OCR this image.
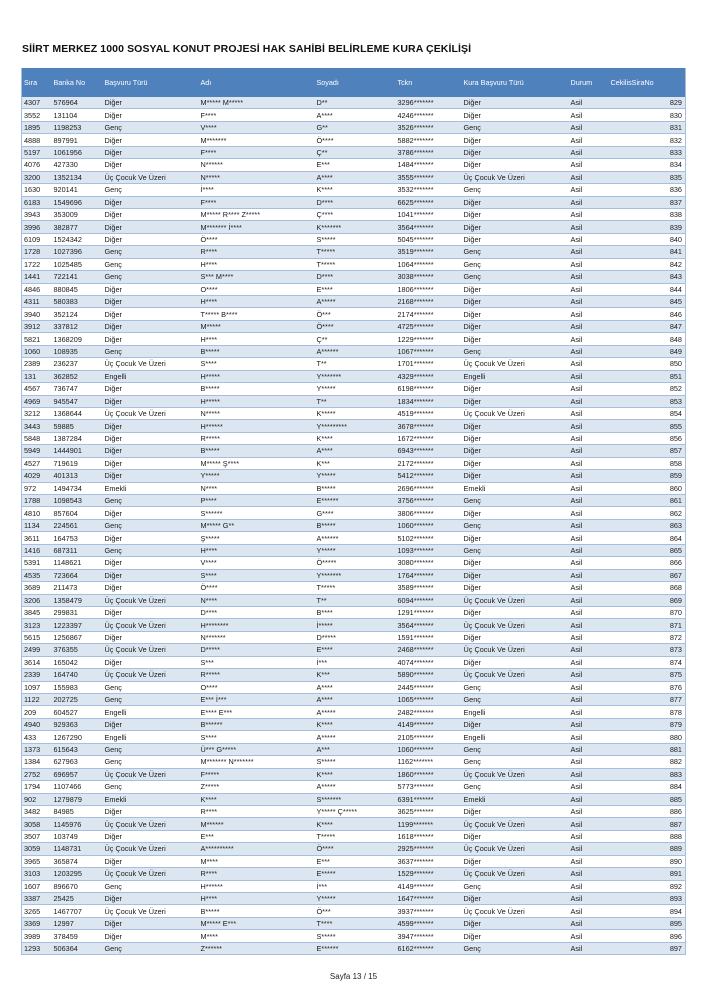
SİİRT MERKEZ 1000 SOSYAL KONUT PROJESİ HAK SAHİBİ BELİRLEME KURA ÇEKİLİŞİ
Sıra	Banka No	Başvuru Türü	Adı	Soyadı	Tckn	Kura Başvuru Türü	Durum	CekilisSiraNo
4307	576964	Diğer	M***** M*****	D**	3296*******	Diğer	Asil	829
3552	131104	Diğer	F****	A****	4246*******	Diğer	Asil	830
1895	1198253	Genç	V****	G**	3526*******	Genç	Asil	831
4888	897991	Diğer	M*******	Ö****	5882*******	Diğer	Asil	832
5197	1061956	Diğer	F****	Ç**	3786*******	Diğer	Asil	833
4076	427330	Diğer	N******	E***	1484*******	Diğer	Asil	834
3200	1352134	Üç Çocuk Ve Üzeri	N*****	A****	3555*******	Üç Çocuk Ve Üzeri	Asil	835
1630	920141	Genç	İ****	K****	3532*******	Genç	Asil	836
6183	1549696	Diğer	F****	D****	6625*******	Diğer	Asil	837
3943	353009	Diğer	M***** R**** Z*****	Ç****	1041*******	Diğer	Asil	838
3996	382877	Diğer	M******* İ****	K*******	3564*******	Diğer	Asil	839
6109	1524342	Diğer	Ö****	S*****	5045*******	Diğer	Asil	840
1728	1027396	Genç	R****	T*****	3519*******	Genç	Asil	841
1722	1025485	Genç	H****	T*****	1064*******	Genç	Asil	842
1441	722141	Genç	S*** M****	D****	3038*******	Genç	Asil	843
4846	880845	Diğer	O****	E****	1806*******	Diğer	Asil	844
4311	580383	Diğer	H****	A*****	2168*******	Diğer	Asil	845
3940	352124	Diğer	T***** B****	Ö***	2174*******	Diğer	Asil	846
3912	337812	Diğer	M*****	Ö****	4725*******	Diğer	Asil	847
5821	1368209	Diğer	H****	Ç**	1229*******	Diğer	Asil	848
1060	108935	Genç	B*****	A******	1067*******	Genç	Asil	849
2389	236237	Üç Çocuk Ve Üzeri	S****	T**	1701*******	Üç Çocuk Ve Üzeri	Asil	850
131	362852	Engelli	H*****	Y*******	4329*******	Engelli	Asil	851
4567	736747	Diğer	B*****	Y*****	6198*******	Diğer	Asil	852
4969	945547	Diğer	H*****	T**	1834*******	Diğer	Asil	853
3212	1368644	Üç Çocuk Ve Üzeri	N*****	K*****	4519*******	Üç Çocuk Ve Üzeri	Asil	854
3443	59885	Diğer	H******	Y*********	3678*******	Diğer	Asil	855
5848	1387284	Diğer	R*****	K****	1672*******	Diğer	Asil	856
5949	1444901	Diğer	B*****	A****	6943*******	Diğer	Asil	857
4527	719619	Diğer	M***** Ş****	K***	2172*******	Diğer	Asil	858
4029	401313	Diğer	Y*****	Y*****	5412*******	Diğer	Asil	859
972	1494734	Emekli	N****	B*****	2696*******	Emekli	Asil	860
1788	1098543	Genç	P****	E******	3756*******	Genç	Asil	861
4810	857604	Diğer	S******	G****	3806*******	Diğer	Asil	862
1134	224561	Genç	M***** G**	B*****	1060*******	Genç	Asil	863
3611	164753	Diğer	Ş*****	A******	5102*******	Diğer	Asil	864
1416	687311	Genç	H****	Y*****	1093*******	Genç	Asil	865
5391	1148621	Diğer	V****	Ö*****	3080*******	Diğer	Asil	866
4535	723664	Diğer	S****	Y*******	1764*******	Diğer	Asil	867
3689	211473	Diğer	Ö****	T*****	3589*******	Diğer	Asil	868
3206	1358479	Üç Çocuk Ve Üzeri	N****	T**	6094*******	Üç Çocuk Ve Üzeri	Asil	869
3845	299831	Diğer	D****	B****	1291*******	Diğer	Asil	870
3123	1223397	Üç Çocuk Ve Üzeri	H********	İ*****	3564*******	Üç Çocuk Ve Üzeri	Asil	871
5615	1256867	Diğer	N*******	D*****	1591*******	Diğer	Asil	872
2499	376355	Üç Çocuk Ve Üzeri	D*****	E****	2468*******	Üç Çocuk Ve Üzeri	Asil	873
3614	165042	Diğer	S***	İ***	4074*******	Diğer	Asil	874
2339	164740	Üç Çocuk Ve Üzeri	R*****	K***	5890*******	Üç Çocuk Ve Üzeri	Asil	875
1097	155983	Genç	O****	A****	2445*******	Genç	Asil	876
1122	202725	Genç	E*** İ***	A****	1065*******	Genç	Asil	877
209	604527	Engelli	E**** E***	A*****	2482*******	Engelli	Asil	878
4940	929363	Diğer	B******	K****	4149*******	Diğer	Asil	879
433	1267290	Engelli	S****	A*****	2105*******	Engelli	Asil	880
1373	615643	Genç	Ü*** G*****	A***	1060*******	Genç	Asil	881
1384	627963	Genç	M******* N*******	S*****	1162*******	Genç	Asil	882
2752	696957	Üç Çocuk Ve Üzeri	F*****	K****	1860*******	Üç Çocuk Ve Üzeri	Asil	883
1794	1107466	Genç	Z*****	A*****	5773*******	Genç	Asil	884
902	1279879	Emekli	K****	S*******	6391*******	Emekli	Asil	885
3482	84985	Diğer	R****	Y***** Ç*****	3625*******	Diğer	Asil	886
3058	1145976	Üç Çocuk Ve Üzeri	M******	K****	1199*******	Üç Çocuk Ve Üzeri	Asil	887
3507	103749	Diğer	E***	T*****	1618*******	Diğer	Asil	888
3059	1148731	Üç Çocuk Ve Üzeri	A**********	Ö****	2925*******	Üç Çocuk Ve Üzeri	Asil	889
3965	365874	Diğer	M****	E***	3637*******	Diğer	Asil	890
3103	1203295	Üç Çocuk Ve Üzeri	R****	E*****	1529*******	Üç Çocuk Ve Üzeri	Asil	891
1607	896670	Genç	H******	İ***	4149*******	Genç	Asil	892
3387	25425	Diğer	H****	Y*****	1647*******	Diğer	Asil	893
3265	1467707	Üç Çocuk Ve Üzeri	B*****	Ö***	3937*******	Üç Çocuk Ve Üzeri	Asil	894
3369	12997	Diğer	M***** E***	T****	4599*******	Diğer	Asil	895
3989	378459	Diğer	M****	S*****	3947*******	Diğer	Asil	896
1293	506364	Genç	Z******	E******	6162*******	Genç	Asil	897
Sayfa 13 / 15
